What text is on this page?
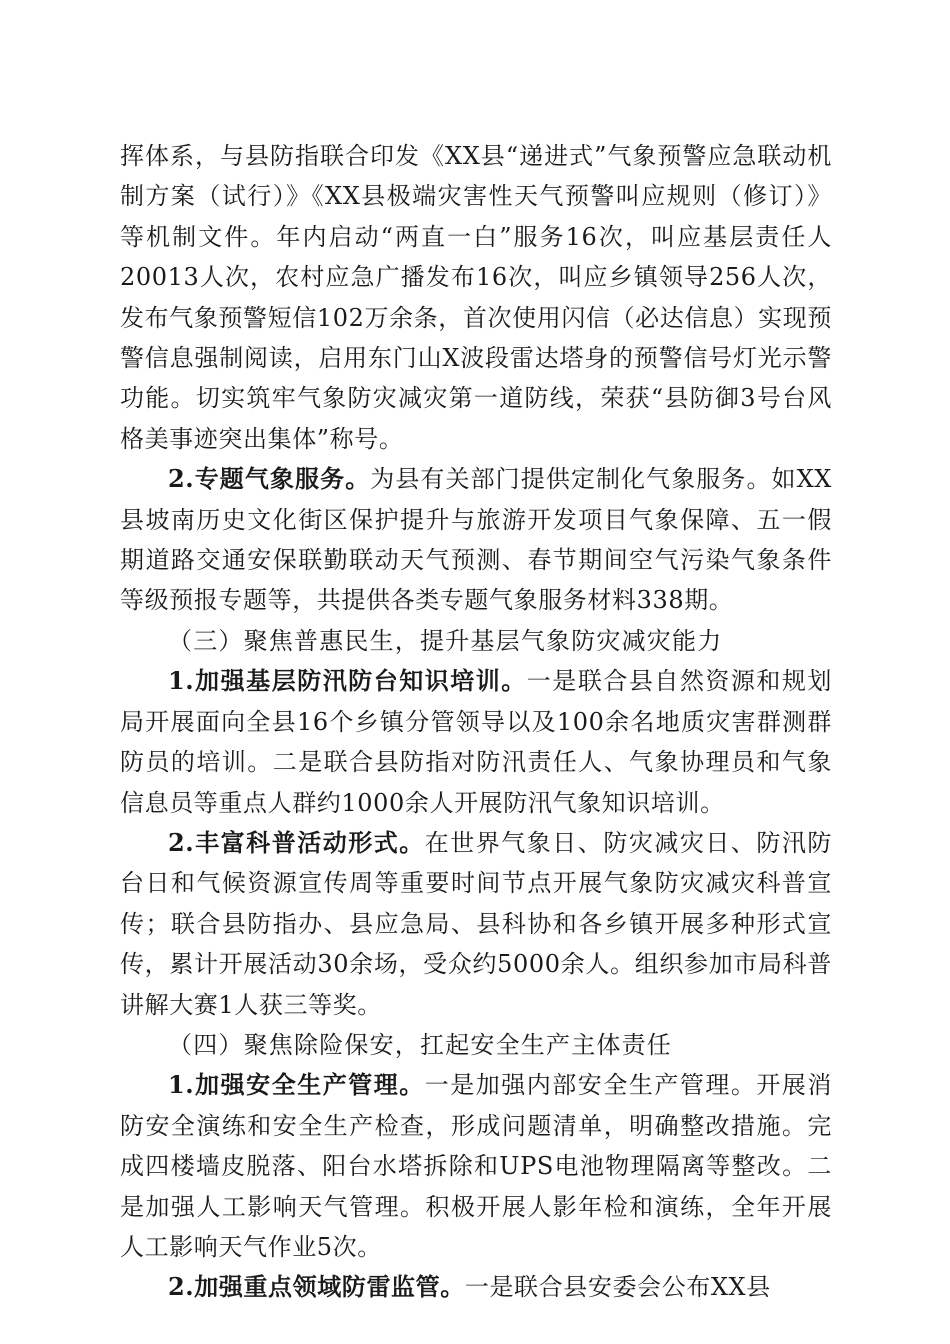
挥体系，与县防指联合印发《XX县“递进式”气象预警应急联动机制方案（试行）》《XX县极端灾害性天气预警叫应规则（修订）》等机制文件。年内启动“两直一白”服务16次，叫应基层责任人20013人次，农村应急广播发布16次，叫应乡镇领导256人次，发布气象预警短信102万余条，首次使用闪信（必达信息）实现预警信息强制阅读，启用东门山X波段雷达塔身的预警信号灯光示警功能。切实筑牢气象防灾减灾第一道防线，荣获“县防御3号台风格美事迹突出集体”称号。

2.专题气象服务。为县有关部门提供定制化气象服务。如XX县坡南历史文化街区保护提升与旅游开发项目气象保障、五一假期道路交通安保联勤联动天气预测、春节期间空气污染气象条件等级预报专题等，共提供各类专题气象服务材料338期。

（三）聚焦普惠民生，提升基层气象防灾减灾能力

1.加强基层防汛防台知识培训。一是联合县自然资源和规划局开展面向全县16个乡镇分管领导以及100余名地质灾害群测群防员的培训。二是联合县防指对防汛责任人、气象协理员和气象信息员等重点人群约1000余人开展防汛气象知识培训。

2.丰富科普活动形式。在世界气象日、防灾减灾日、防汛防台日和气候资源宣传周等重要时间节点开展气象防灾减灾科普宣传；联合县防指办、县应急局、县科协和各乡镇开展多种形式宣传，累计开展活动30余场，受众约5000余人。组织参加市局科普讲解大赛1人获三等奖。

（四）聚焦除险保安，扛起安全生产主体责任

1.加强安全生产管理。一是加强内部安全生产管理。开展消防安全演练和安全生产检查，形成问题清单，明确整改措施。完成四楼墙皮脱落、阳台水塔拆除和UPS电池物理隔离等整改。二是加强人工影响天气管理。积极开展人影年检和演练，全年开展人工影响天气作业5次。

2.加强重点领域防雷监管。一是联合县安委会公布XX县
